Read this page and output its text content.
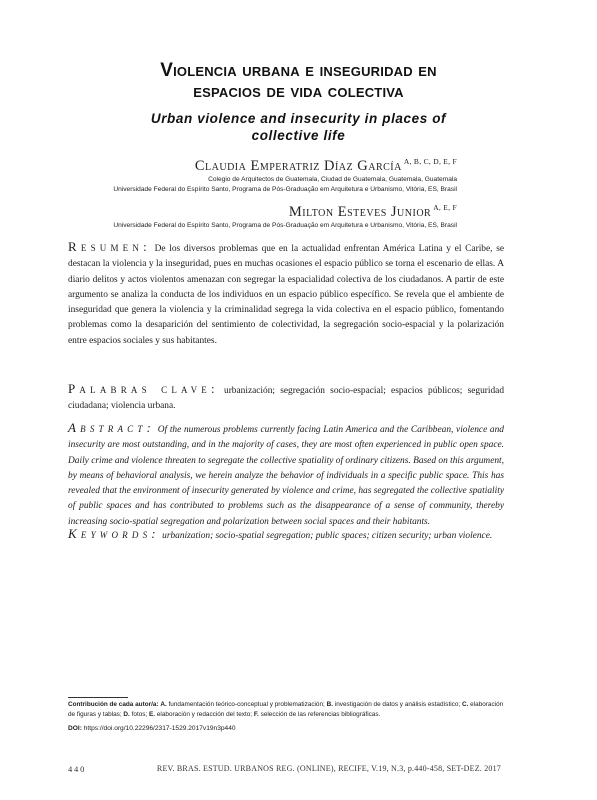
Violencia urbana e inseguridad en
espacios de vida colectiva
Urban violence and insecurity in places of
collective life
Claudia Emperatriz Díaz García $^{A, B, C, D, E, F}$
Colegio de Arquitectos de Guatemala, Ciudad de Guatemala, Guatemala, Guatemala
Universidade Federal do Espírito Santo, Programa de Pós-Graduação em Arquitetura e Urbanismo, Vitória, ES, Brasil
Milton Esteves Junior $^{A, E, F}$
Universidade Federal do Espírito Santo, Programa de Pós-Graduação em Arquitetura e Urbanismo, Vitória, ES, Brasil

Resumen: De los diversos problemas que en la actualidad enfrentan América Latina y el Caribe, se destacan la violencia y la inseguridad, pues en muchas ocasiones el espacio público se torna el escenario de ellas. A diario delitos y actos violentos amenazan con segregar la espacialidad colectiva de los ciudadanos. A partir de este argumento se analiza la conducta de los individuos en un espacio público específico. Se revela que el ambiente de inseguridad que genera la violencia y la criminalidad segrega la vida colectiva en el espacio público, fomentando problemas como la desaparición del sentimiento de colectividad, la segregación socio-espacial y la polarización entre espacios sociales y sus habitantes.

Palabras clave: urbanización; segregación socio-espacial; espacios públicos; seguridad ciudadana; violencia urbana.

Abstract: Of the numerous problems currently facing Latin America and the Caribbean, violence and insecurity are most outstanding, and in the majority of cases, they are most often experienced in public open space. Daily crime and violence threaten to segregate the collective spatiality of ordinary citizens. Based on this argument, by means of behavioral analysis, we herein analyze the behavior of individuals in a specific public space. This has revealed that the environment of insecurity generated by violence and crime, has segregated the collective spatiality of public spaces and has contributed to problems such as the disappearance of a sense of community, thereby increasing socio-spatial segregation and polarization between social spaces and their habitants.

Keywords: urbanization; socio-spatial segregation; public spaces; citizen security; urban violence.

Contribución de cada autor/a: A. fundamentación teórico-conceptual y problematización; B. investigación de datos y análisis estadístico; C. elaboración de figuras y tablas; D. fotos; E. elaboración y redacción del texto; F. selección de las referencias bibliográficas.
DOI: https://doi.org/10.22296/2317-1529.2017v19n3p440
440	REV. BRAS. ESTUD. URBANOS REG. (ONLINE), RECIFE, V.19, N.3, p.440-458, SET-DEZ. 2017
